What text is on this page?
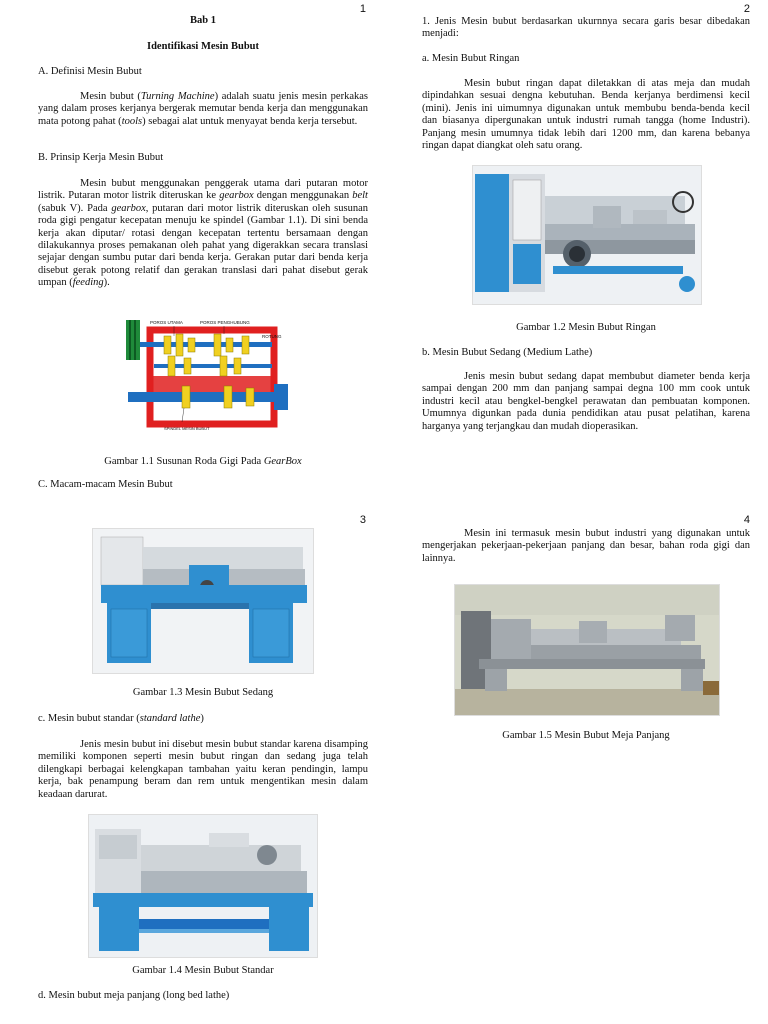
1

Bab 1

Identifikasi Mesin Bubut

A. Definisi Mesin Bubut

Mesin bubut (Turning Machine) adalah suatu jenis mesin perkakas yang dalam proses kerjanya bergerak memutar benda kerja dan menggunakan mata potong pahat (tools) sebagai alat untuk menyayat benda kerja tersebut.

B. Prinsip Kerja Mesin Bubut

Mesin bubut menggunakan penggerak utama dari putaran motor listrik. Putaran motor listrik diteruskan ke gearbox dengan menggunakan belt (sabuk V). Pada gearbox, putaran dari motor listrik diteruskan oleh susunan roda gigi pengatur kecepatan menuju ke spindel (Gambar 1.1). Di sini benda kerja akan diputar/ rotasi dengan kecepatan tertentu bersamaan dengan dilakukannya proses pemakanan oleh pahat yang digerakkan secara translasi sejajar dengan sumbu putar dari benda kerja. Gerakan putar dari benda kerja disebut gerak potong relatif dan gerakan translasi dari pahat disebut gerak umpan (feeding).

POROS UTAMA	POROS PENGHUBUNG
ROTUNG
SPINDEL MESIN BUBUT

Gambar 1.1 Susunan Roda Gigi Pada GearBox

C. Macam-macam Mesin Bubut

2

1. Jenis Mesin bubut berdasarkan ukurnnya secara garis besar dibedakan menjadi:

a. Mesin Bubut Ringan

Mesin bubut ringan dapat diletakkan di atas meja dan mudah dipindahkan sesuai dengna kebutuhan. Benda kerjanya berdimensi kecil (mini). Jenis ini uimumnya digunakan untuk membubu benda-benda kecil dan biasanya dipergunakan untuk industri rumah tangga (home Industri). Panjang mesin umumnya tidak lebih dari 1200 mm, dan karena bebanya ringan dapat diangkat oleh satu orang.

Gambar 1.2 Mesin Bubut Ringan

b. Mesin Bubut Sedang (Medium Lathe)

Jenis mesin bubut sedang dapat membubut diameter benda kerja sampai dengan 200 mm dan panjang sampai degna 100 mm cook untuk industri kecil atau bengkel-bengkel perawatan dan pembuatan komponen. Umumnya digunkan pada dunia pendidikan atau pusat pelatihan, karena harganya yang terjangkau dan mudah dioperasikan.

3

Gambar 1.3 Mesin Bubut Sedang

c. Mesin bubut standar (standard lathe)

Jenis mesin bubut ini disebut mesin bubut standar karena disamping memiliki komponen seperti mesin bubut ringan dan sedang juga telah dilengkapi berbagai kelengkapan tambahan yaitu keran pendingin, lampu kerja, bak penampung beram dan rem untuk mengentikan mesin dalam keadaan darurat.

Gambar 1.4 Mesin Bubut Standar

d. Mesin bubut meja panjang (long bed lathe)

4

Mesin ini termasuk mesin bubut industri yang digunakan untuk mengerjakan pekerjaan-pekerjaan panjang dan besar, bahan roda gigi dan lainnya.

Gambar 1.5 Mesin Bubut Meja Panjang
